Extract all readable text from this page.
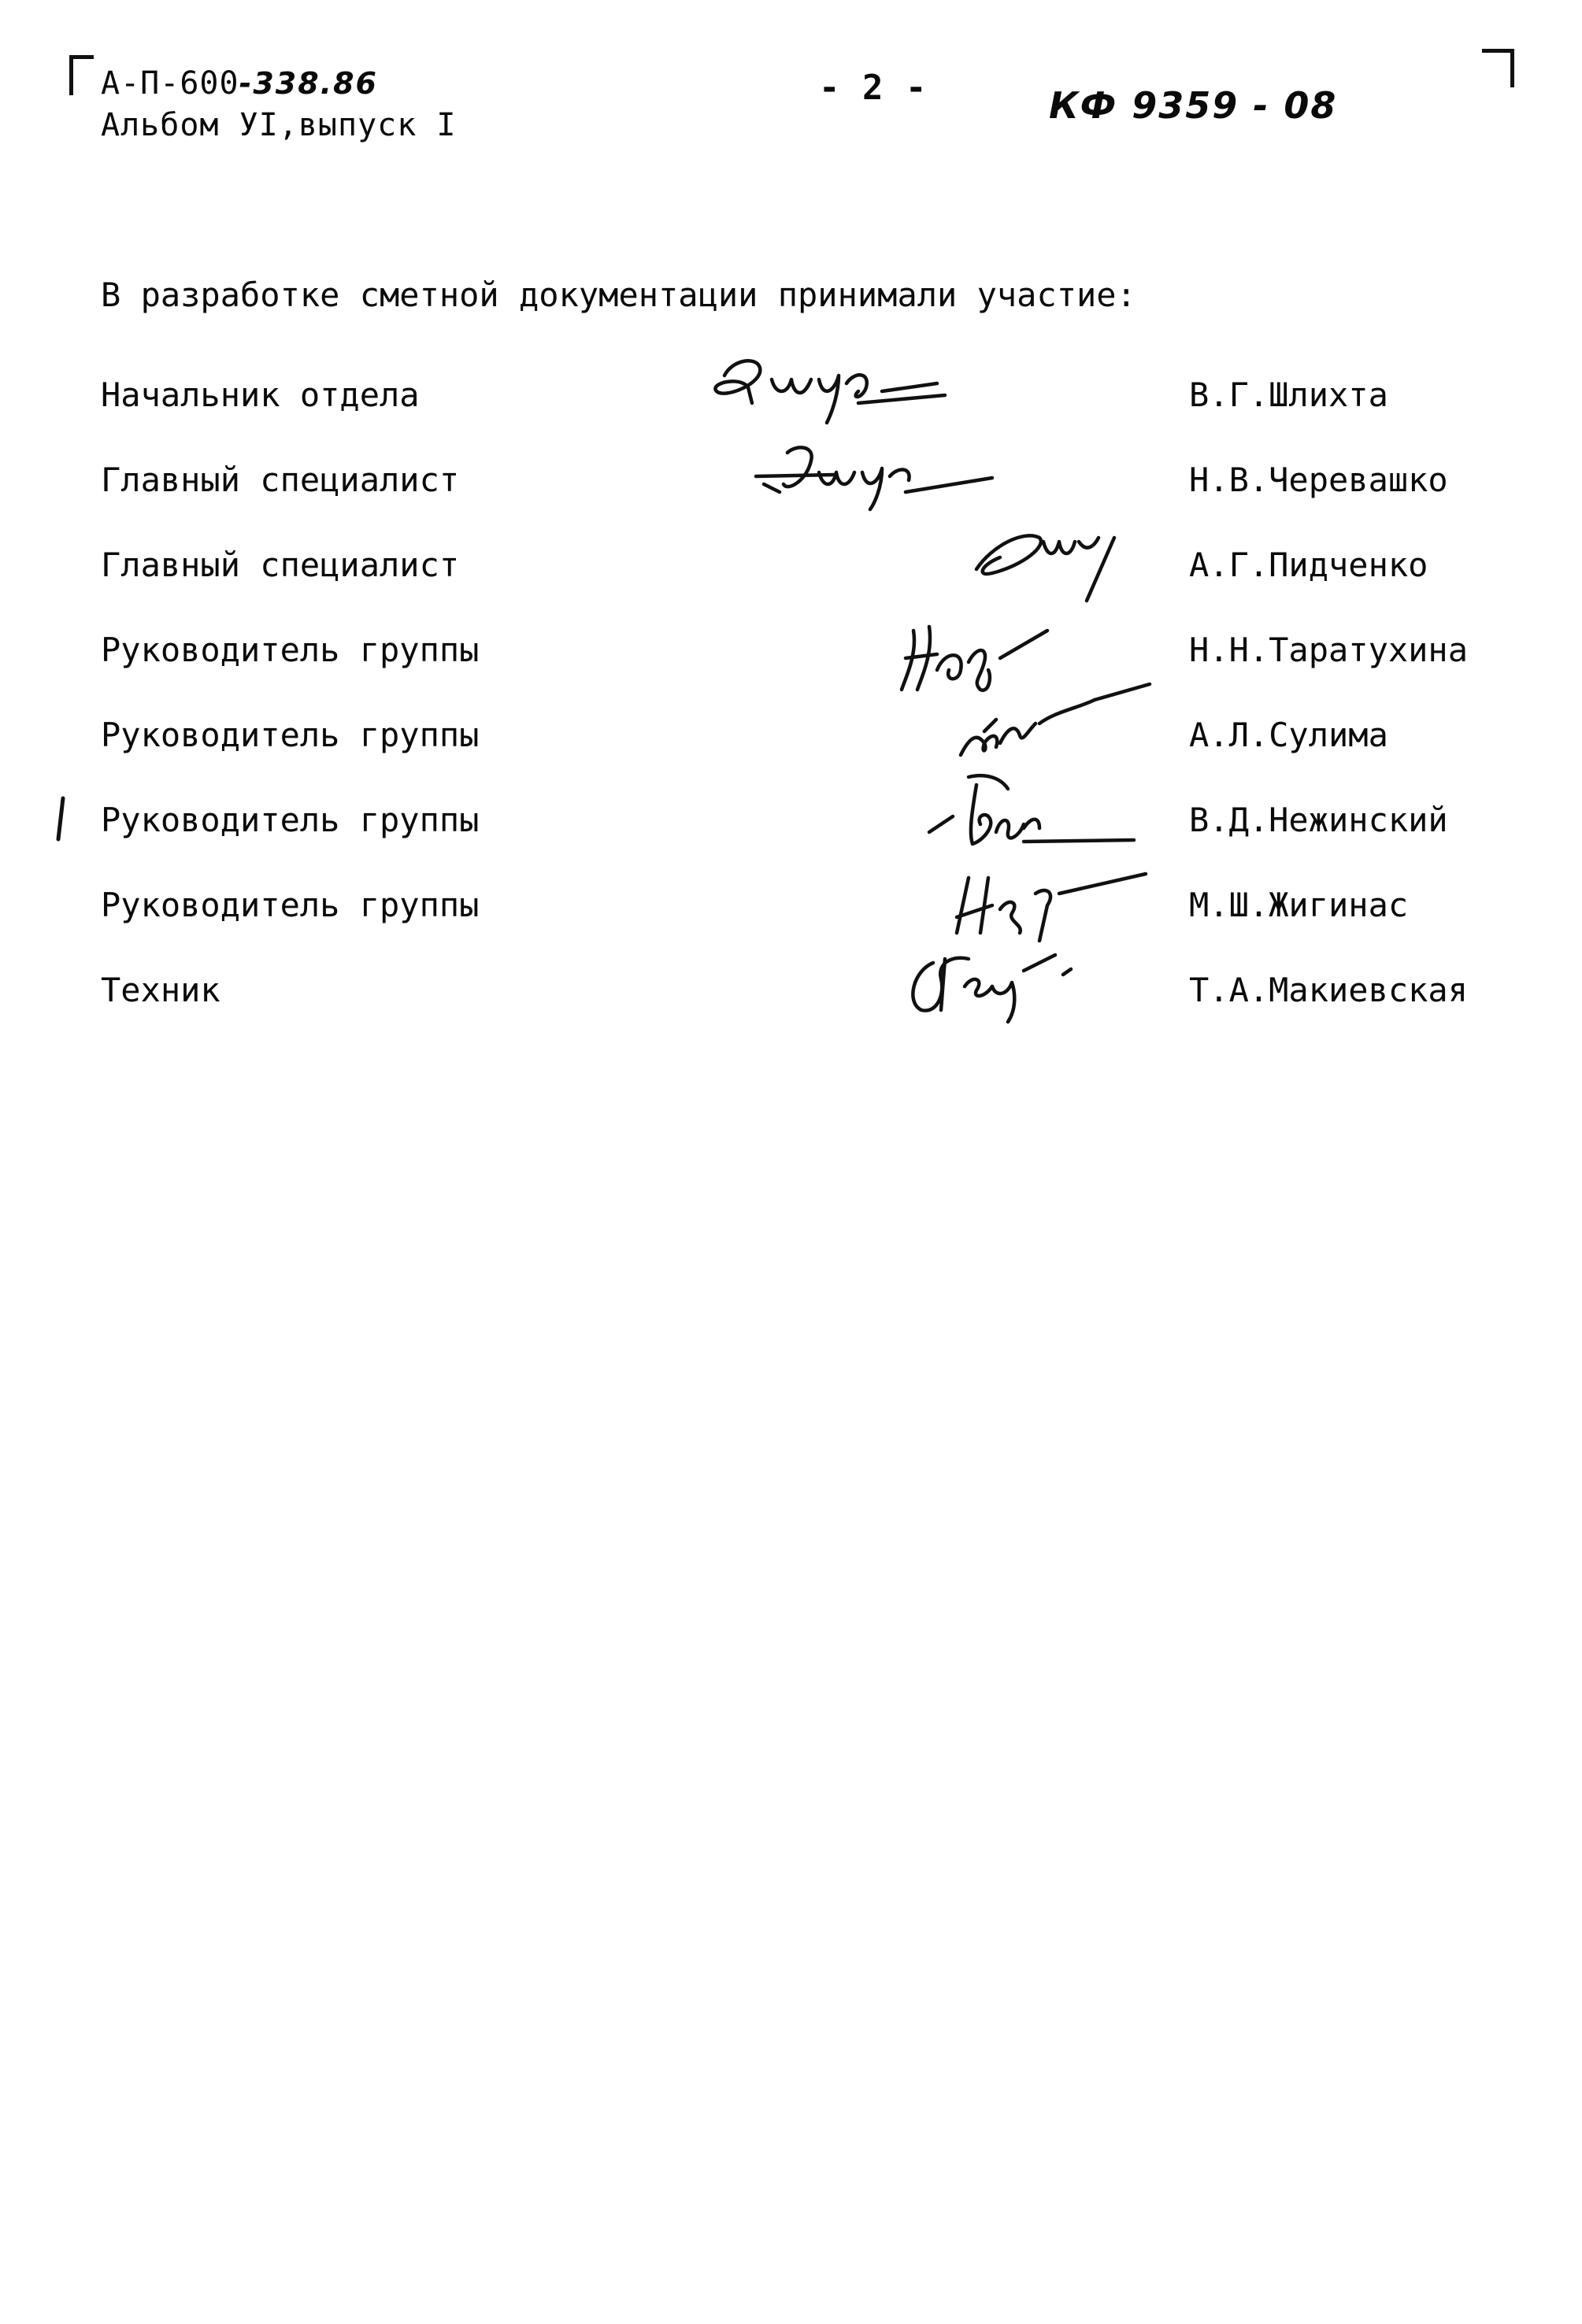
А-П-600-338.86
Альбом УI,выпуск I
- 2 -	КФ 9359 - 08
В разработке сметной документации принимали участие:
Начальник отдела	В.Г.Шлихта
Главный специалист	Н.В.Черевашко
Главный специалист	А.Г.Пидченко
Руководитель группы	Н.Н.Таратухина
Руководитель группы	А.Л.Сулима
Руководитель группы	В.Д.Нежинский
Руководитель группы	М.Ш.Жигинас
Техник	Т.А.Макиевская
